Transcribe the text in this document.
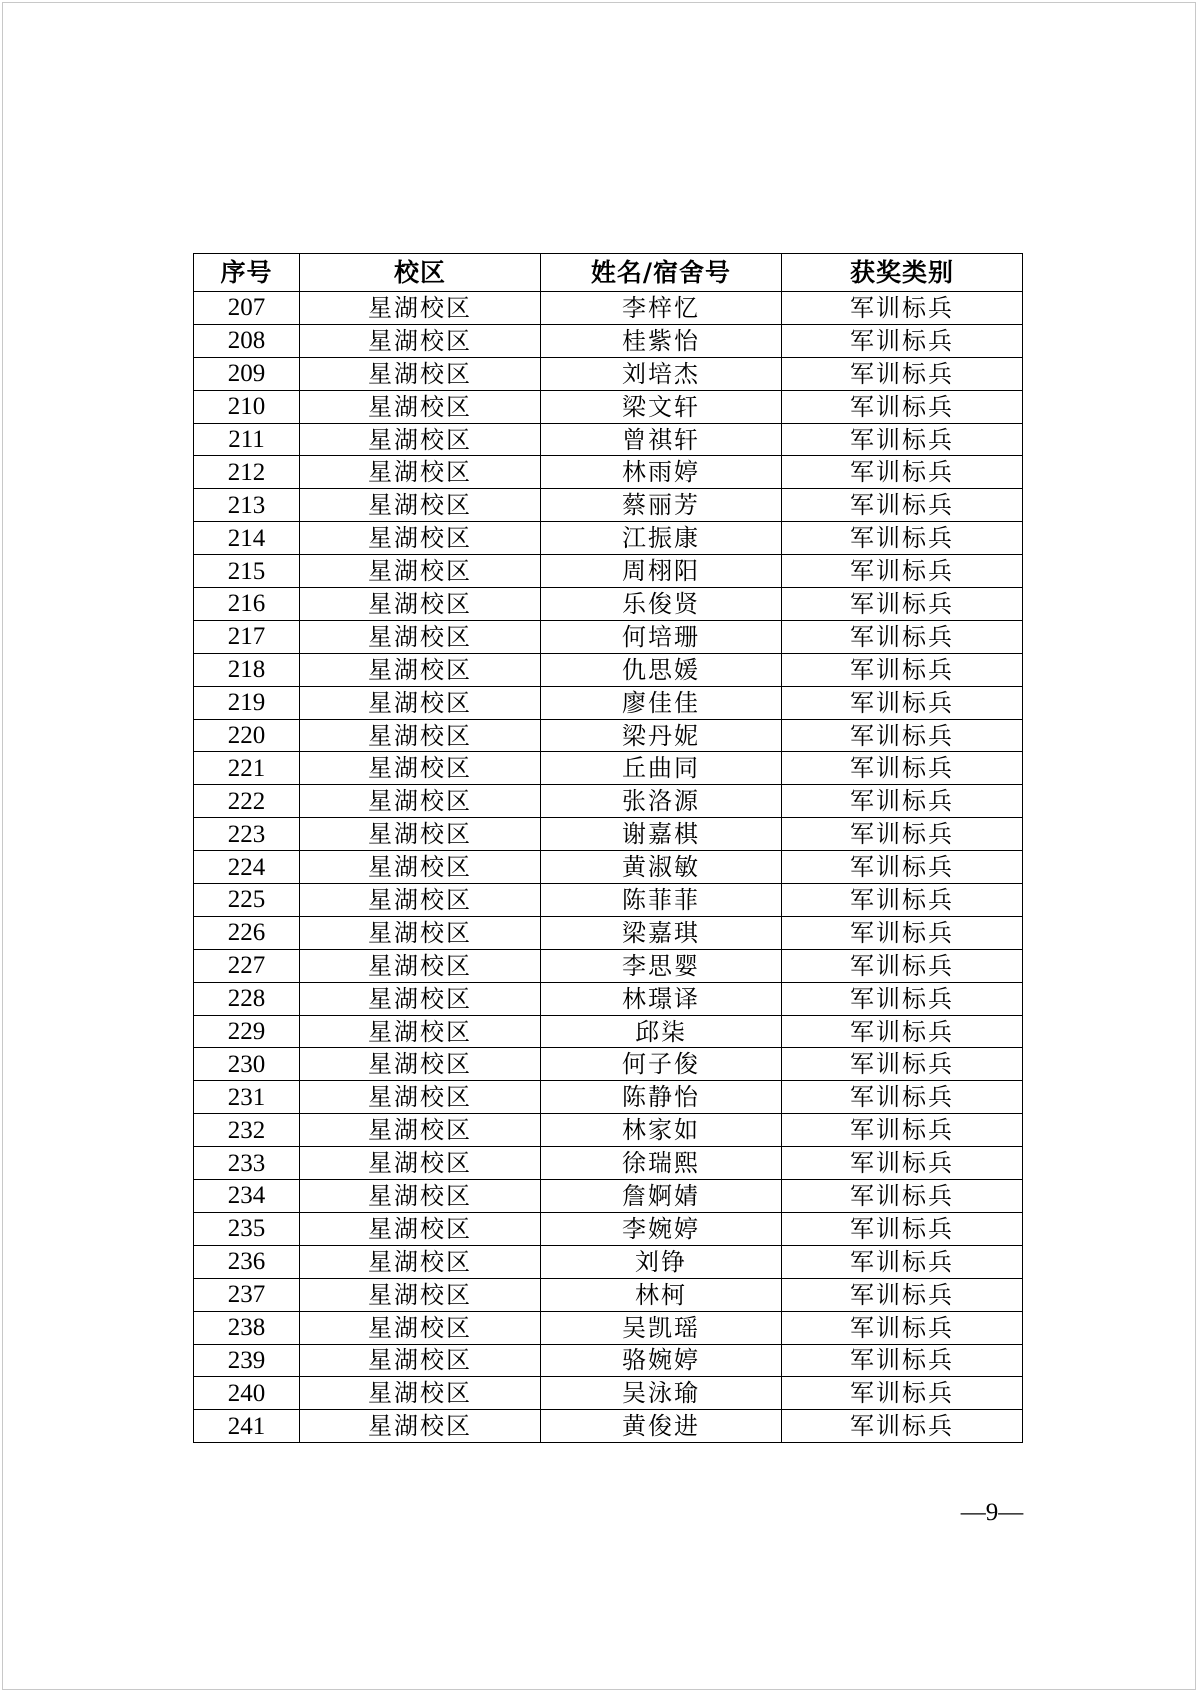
序号	校区	姓名/宿舍号	获奖类别
207	星湖校区	李梓忆	军训标兵
208	星湖校区	桂紫怡	军训标兵
209	星湖校区	刘培杰	军训标兵
210	星湖校区	梁文轩	军训标兵
211	星湖校区	曾祺轩	军训标兵
212	星湖校区	林雨婷	军训标兵
213	星湖校区	蔡丽芳	军训标兵
214	星湖校区	江振康	军训标兵
215	星湖校区	周栩阳	军训标兵
216	星湖校区	乐俊贤	军训标兵
217	星湖校区	何培珊	军训标兵
218	星湖校区	仇思媛	军训标兵
219	星湖校区	廖佳佳	军训标兵
220	星湖校区	梁丹妮	军训标兵
221	星湖校区	丘曲同	军训标兵
222	星湖校区	张洛源	军训标兵
223	星湖校区	谢嘉棋	军训标兵
224	星湖校区	黄淑敏	军训标兵
225	星湖校区	陈菲菲	军训标兵
226	星湖校区	梁嘉琪	军训标兵
227	星湖校区	李思婴	军训标兵
228	星湖校区	林璟译	军训标兵
229	星湖校区	邱柒	军训标兵
230	星湖校区	何子俊	军训标兵
231	星湖校区	陈静怡	军训标兵
232	星湖校区	林家如	军训标兵
233	星湖校区	徐瑞熙	军训标兵
234	星湖校区	詹婀婧	军训标兵
235	星湖校区	李婉婷	军训标兵
236	星湖校区	刘铮	军训标兵
237	星湖校区	林柯	军训标兵
238	星湖校区	吴凯瑶	军训标兵
239	星湖校区	骆婉婷	军训标兵
240	星湖校区	吴泳瑜	军训标兵
241	星湖校区	黄俊进	军训标兵
—9—
